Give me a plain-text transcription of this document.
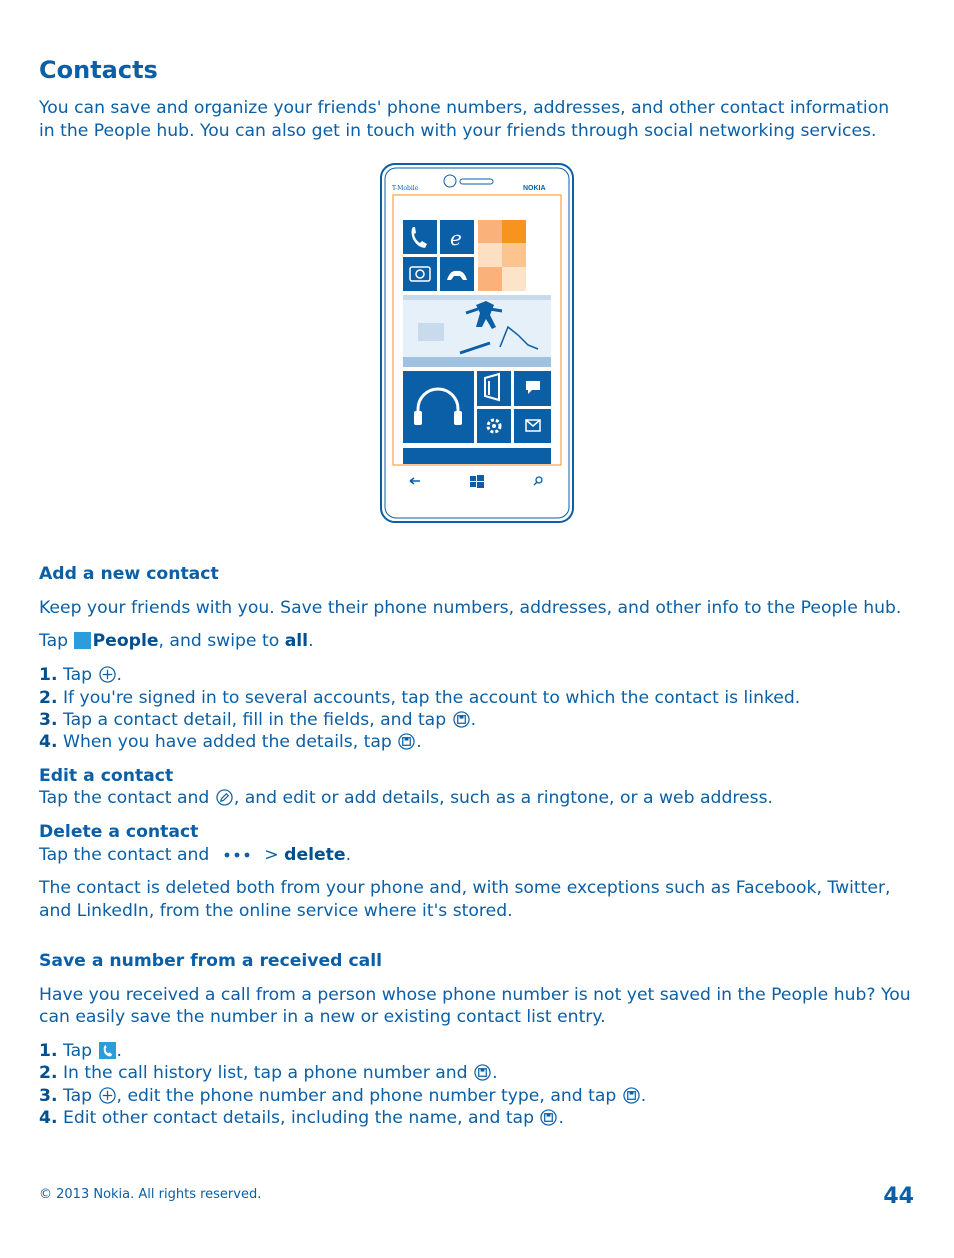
Contacts

You can save and organize your friends' phone numbers, addresses, and other contact information

in the People hub. You can also get in touch with your friends through social networking services.

T-Mobile	NOKIA
e
Add a new contact

Keep your friends with you. Save their phone numbers, addresses, and other info to the People hub.

Tap People, and swipe to all.

1. Tap .

2. If you're signed in to several accounts, tap the account to which the contact is linked.

3. Tap a contact detail, fill in the fields, and tap .

4. When you have added the details, tap .

Edit a contact

Tap the contact and , and edit or add details, such as a ringtone, or a web address.

Delete a contact

Tap the contact and	> delete.

The contact is deleted both from your phone and, with some exceptions such as Facebook, Twitter,

and LinkedIn, from the online service where it's stored.

Save a number from a received call

Have you received a call from a person whose phone number is not yet saved in the People hub? You

can easily save the number in a new or existing contact list entry.

1. Tap .

2. In the call history list, tap a phone number and .

3. Tap , edit the phone number and phone number type, and tap .

4. Edit other contact details, including the name, and tap .

© 2013 Nokia. All rights reserved.	44
